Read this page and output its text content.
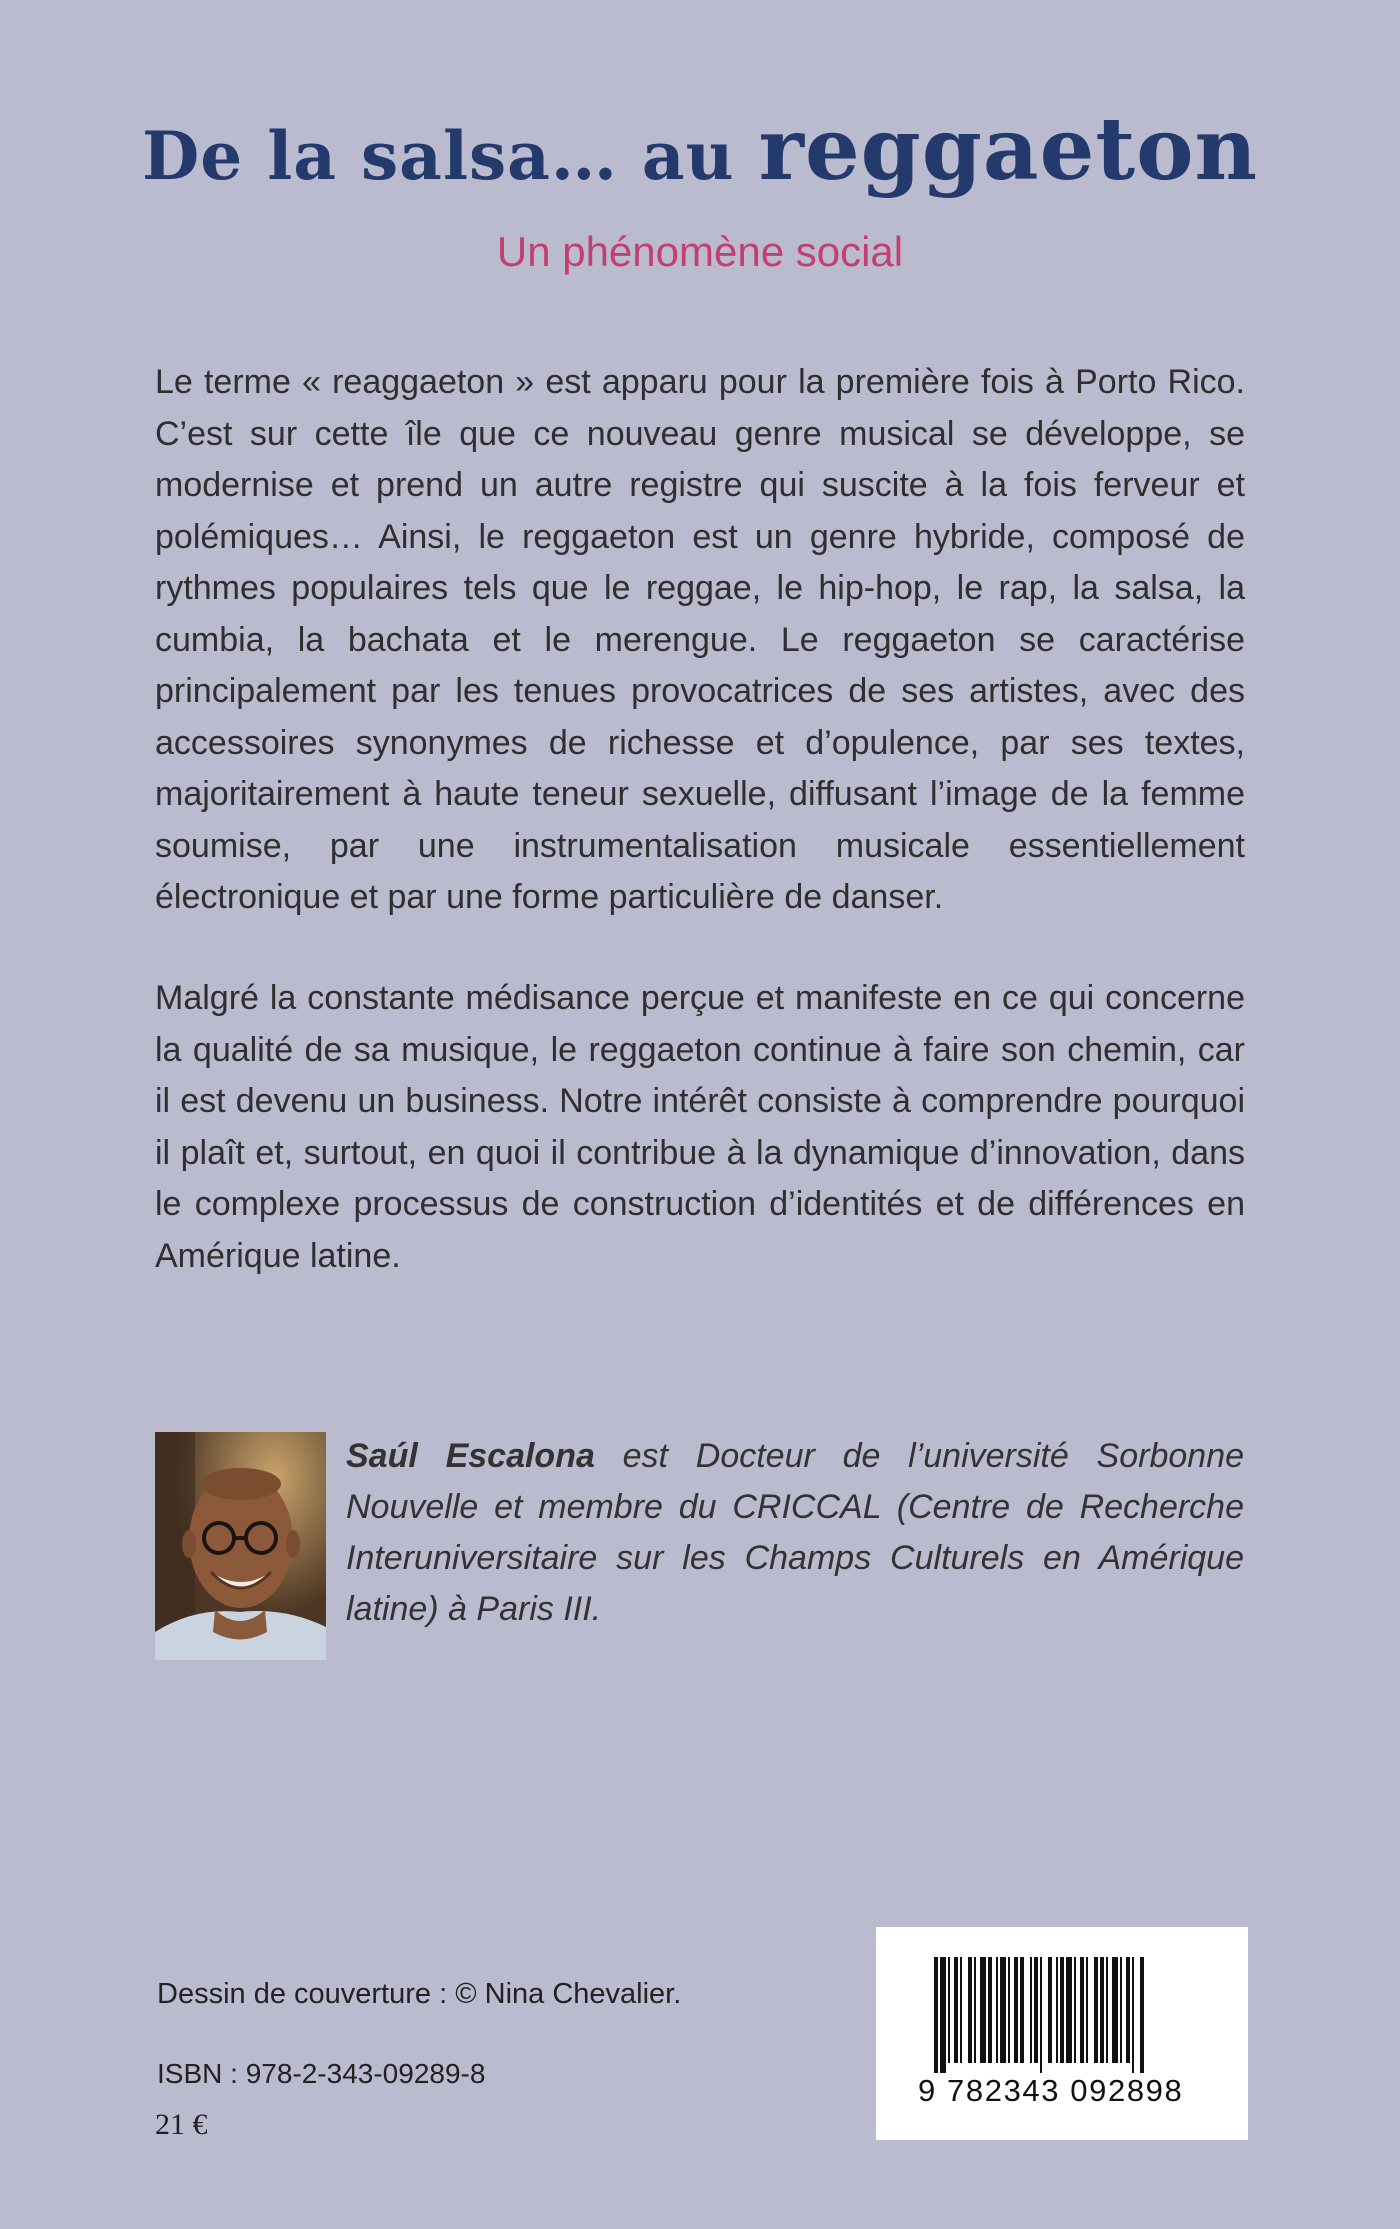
De la salsa… au reggaeton
Un phénomène social

Le terme « reaggaeton » est apparu pour la première fois à Porto Rico. C’est sur cette île que ce nouveau genre musical se développe, se modernise et prend un autre registre qui suscite à la fois ferveur et polémiques… Ainsi, le reggaeton est un genre hybride, composé de rythmes populaires tels que le reggae, le hip-hop, le rap, la salsa, la cumbia, la bachata et le merengue. Le reggaeton se caractérise principalement par les tenues provocatrices de ses artistes, avec des accessoires synonymes de richesse et d’opulence, par ses textes, majoritairement à haute teneur sexuelle, diffusant l’image de la femme soumise, par une instrumentalisation musicale essentiellement électronique et par une forme particulière de danser.

Malgré la constante médisance perçue et manifeste en ce qui concerne la qualité de sa musique, le reggaeton continue à faire son chemin, car il est devenu un business. Notre intérêt consiste à comprendre pourquoi il plaît et, surtout, en quoi il contribue à la dynamique d’innovation, dans le complexe processus de construction d’identités et de différences en Amérique latine.

Saúl Escalona est Docteur de l’université Sorbonne Nouvelle et membre du CRICCAL (Centre de Recherche Interuniversitaire sur les Champs Culturels en Amérique latine) à Paris III.

Dessin de couverture : © Nina Chevalier.
ISBN : 978-2-343-09289-8
21 €
9 782343 092898
